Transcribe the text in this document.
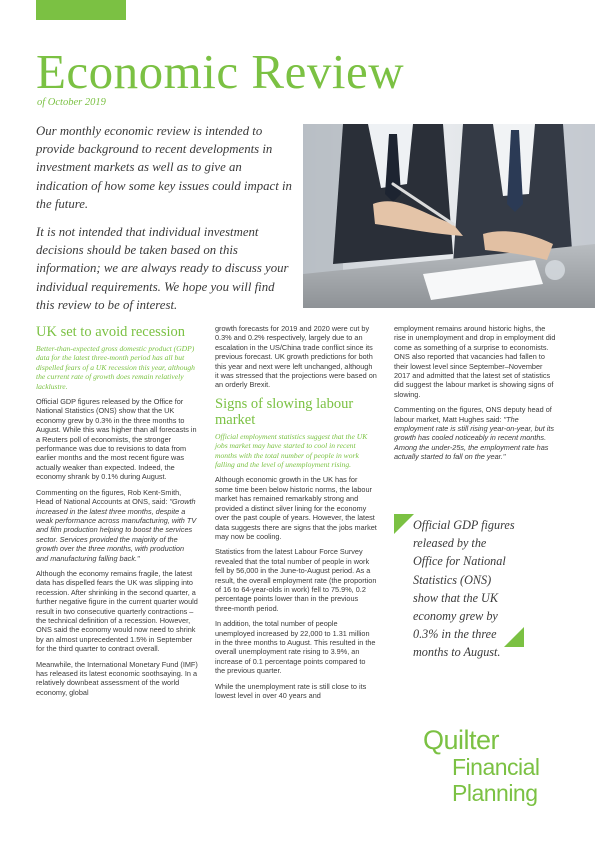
Economic Review
of October 2019

Our monthly economic review is intended to provide background to recent developments in investment markets as well as to give an indication of how some key issues could impact in the future.

It is not intended that individual investment decisions should be taken based on this information; we are always ready to discuss your individual requirements. We hope you will find this review to be of interest.

UK set to avoid recession

Better-than-expected gross domestic product (GDP) data for the latest three-month period has all but dispelled fears of a UK recession this year, although the current rate of growth does remain relatively lacklustre.

Official GDP figures released by the Office for National Statistics (ONS) show that the UK economy grew by 0.3% in the three months to August. While this was higher than all forecasts in a Reuters poll of economists, the stronger performance was due to revisions to data from earlier months and the most recent figure was actually weaker than expected. Indeed, the economy shrank by 0.1% during August.

Commenting on the figures, Rob Kent-Smith, Head of National Accounts at ONS, said: "Growth increased in the latest three months, despite a weak performance across manufacturing, with TV and film production helping to boost the services sector. Services provided the majority of the growth over the three months, with production and manufacturing falling back."

Although the economy remains fragile, the latest data has dispelled fears the UK was slipping into recession. After shrinking in the second quarter, a further negative figure in the current quarter would result in two consecutive quarterly contractions – the technical definition of a recession. However, ONS said the economy would now need to shrink by an almost unprecedented 1.5% in September for the third quarter to contract overall.

Meanwhile, the International Monetary Fund (IMF) has released its latest economic soothsaying. In a relatively downbeat assessment of the world economy, global

growth forecasts for 2019 and 2020 were cut by 0.3% and 0.2% respectively, largely due to an escalation in the US/China trade conflict since its previous forecast. UK growth predictions for both this year and next were left unchanged, although it was stressed that the projections were based on an orderly Brexit.

Signs of slowing labour market

Official employment statistics suggest that the UK jobs market may have started to cool in recent months with the total number of people in work falling and the level of unemployment rising.

Although economic growth in the UK has for some time been below historic norms, the labour market has remained remarkably strong and provided a distinct silver lining for the economy over the past couple of years. However, the latest data suggests there are signs that the jobs market may now be cooling.

Statistics from the latest Labour Force Survey revealed that the total number of people in work fell by 56,000 in the June-to-August period. As a result, the overall employment rate (the proportion of 16 to 64-year-olds in work) fell to 75.9%, 0.2 percentage points lower than in the previous three-month period.

In addition, the total number of people unemployed increased by 22,000 to 1.31 million in the three months to August. This resulted in the overall unemployment rate rising to 3.9%, an increase of 0.1 percentage points compared to the previous quarter.

While the unemployment rate is still close to its lowest level in over 40 years and

employment remains around historic highs, the rise in unemployment and drop in employment did come as something of a surprise to economists. ONS also reported that vacancies had fallen to their lowest level since September–November 2017 and admitted that the latest set of statistics did suggest the labour market is showing signs of slowing.

Commenting on the figures, ONS deputy head of labour market, Matt Hughes said: "The employment rate is still rising year-on-year, but its growth has cooled noticeably in recent months. Among the under-25s, the employment rate has actually started to fall on the year."

Official GDP figures released by the Office for National Statistics (ONS) show that the UK economy grew by 0.3% in the three months to August.
Quilter
Financial
Planning
